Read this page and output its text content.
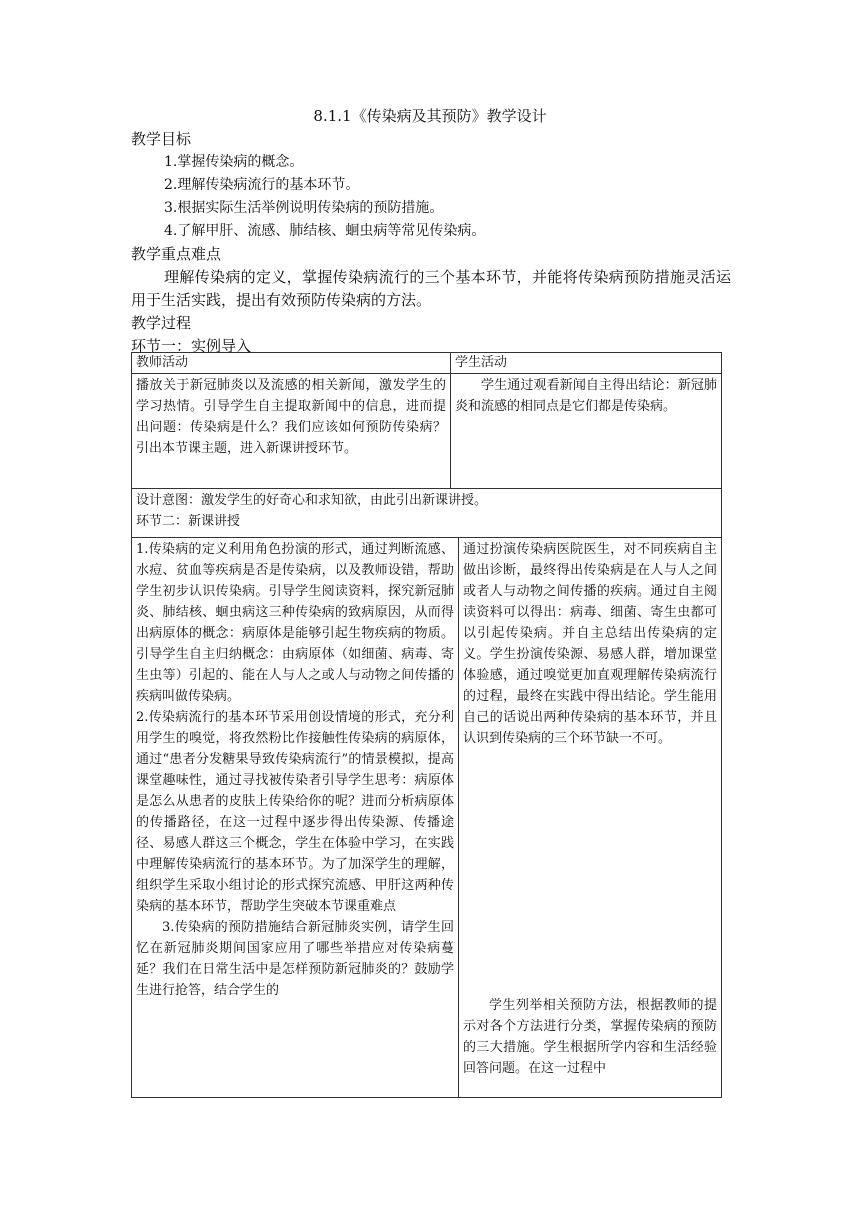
8.1.1《传染病及其预防》教学设计
教学目标
1.掌握传染病的概念。
2.理解传染病流行的基本环节。
3.根据实际生活举例说明传染病的预防措施。
4.了解甲肝、流感、肺结核、蛔虫病等常见传染病。
教学重点难点
理解传染病的定义，掌握传染病流行的三个基本环节，并能将传染病预防措施灵活运用于生活实践，提出有效预防传染病的方法。
教学过程
环节一：实例导入
教师活动	学生活动
播放关于新冠肺炎以及流感的相关新闻，激发学生的学习热情。引导学生自主提取新闻中的信息，进而提出问题：传染病是什么？我们应该如何预防传染病？引出本节课主题，进入新课讲授环节。
学生通过观看新闻自主得出结论：新冠肺炎和流感的相同点是它们都是传染病。
设计意图：激发学生的好奇心和求知欲，由此引出新课讲授。
环节二：新课讲授
1.传染病的定义利用角色扮演的形式，通过判断流感、水痘、贫血等疾病是否是传染病，以及教师设错，帮助学生初步认识传染病。引导学生阅读资料，探究新冠肺炎、肺结核、蛔虫病这三种传染病的致病原因，从而得出病原体的概念：病原体是能够引起生物疾病的物质。引导学生自主归纳概念：由病原体（如细菌、病毒、寄生虫等）引起的、能在人与人之或人与动物之间传播的疾病叫做传染病。
2.传染病流行的基本环节采用创设情境的形式，充分利用学生的嗅觉，将孜然粉比作接触性传染病的病原体，通过“患者分发糖果导致传染病流行”的情景模拟，提高课堂趣味性，通过寻找被传染者引导学生思考：病原体是怎么从患者的皮肤上传染给你的呢？进而分析病原体的传播路径，在这一过程中逐步得出传染源、传播途径、易感人群这三个概念，学生在体验中学习，在实践中理解传染病流行的基本环节。为了加深学生的理解，组织学生采取小组讨论的形式探究流感、甲肝这两种传染病的基本环节，帮助学生突破本节课重难点
3.传染病的预防措施结合新冠肺炎实例，请学生回忆在新冠肺炎期间国家应用了哪些举措应对传染病蔓延？我们在日常生活中是怎样预防新冠肺炎的？鼓励学生进行抢答，结合学生的
通过扮演传染病医院医生，对不同疾病自主做出诊断，最终得出传染病是在人与人之间或者人与动物之间传播的疾病。通过自主阅读资料可以得出：病毒、细菌、寄生虫都可以引起传染病。并自主总结出传染病的定义。学生扮演传染源、易感人群，增加课堂体验感，通过嗅觉更加直观理解传染病流行的过程，最终在实践中得出结论。学生能用自己的话说出两种传染病的基本环节，并且认识到传染病的三个环节缺一不可。
学生列举相关预防方法，根据教师的提示对各个方法进行分类，掌握传染病的预防的三大措施。学生根据所学内容和生活经验回答问题。在这一过程中
